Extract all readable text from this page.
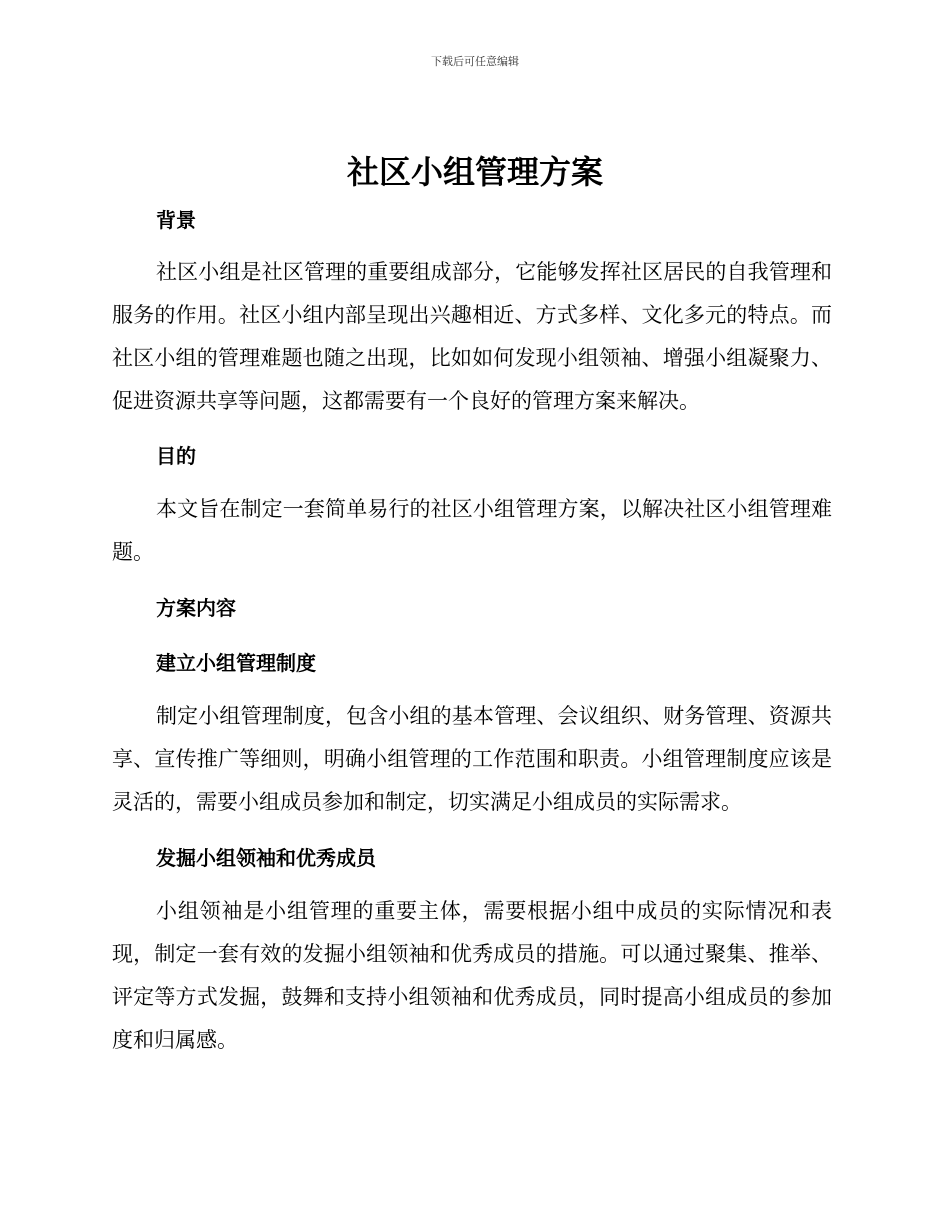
下载后可任意编辑
社区小组管理方案
背景

社区小组是社区管理的重要组成部分，它能够发挥社区居民的自我管理和服务的作用。社区小组内部呈现出兴趣相近、方式多样、文化多元的特点。而社区小组的管理难题也随之出现，比如如何发现小组领袖、增强小组凝聚力、促进资源共享等问题，这都需要有一个良好的管理方案来解决。

目的

本文旨在制定一套简单易行的社区小组管理方案，以解决社区小组管理难题。

方案内容
建立小组管理制度

制定小组管理制度，包含小组的基本管理、会议组织、财务管理、资源共享、宣传推广等细则，明确小组管理的工作范围和职责。小组管理制度应该是灵活的，需要小组成员参加和制定，切实满足小组成员的实际需求。

发掘小组领袖和优秀成员

小组领袖是小组管理的重要主体，需要根据小组中成员的实际情况和表现，制定一套有效的发掘小组领袖和优秀成员的措施。可以通过聚集、推举、评定等方式发掘，鼓舞和支持小组领袖和优秀成员，同时提高小组成员的参加度和归属感。
